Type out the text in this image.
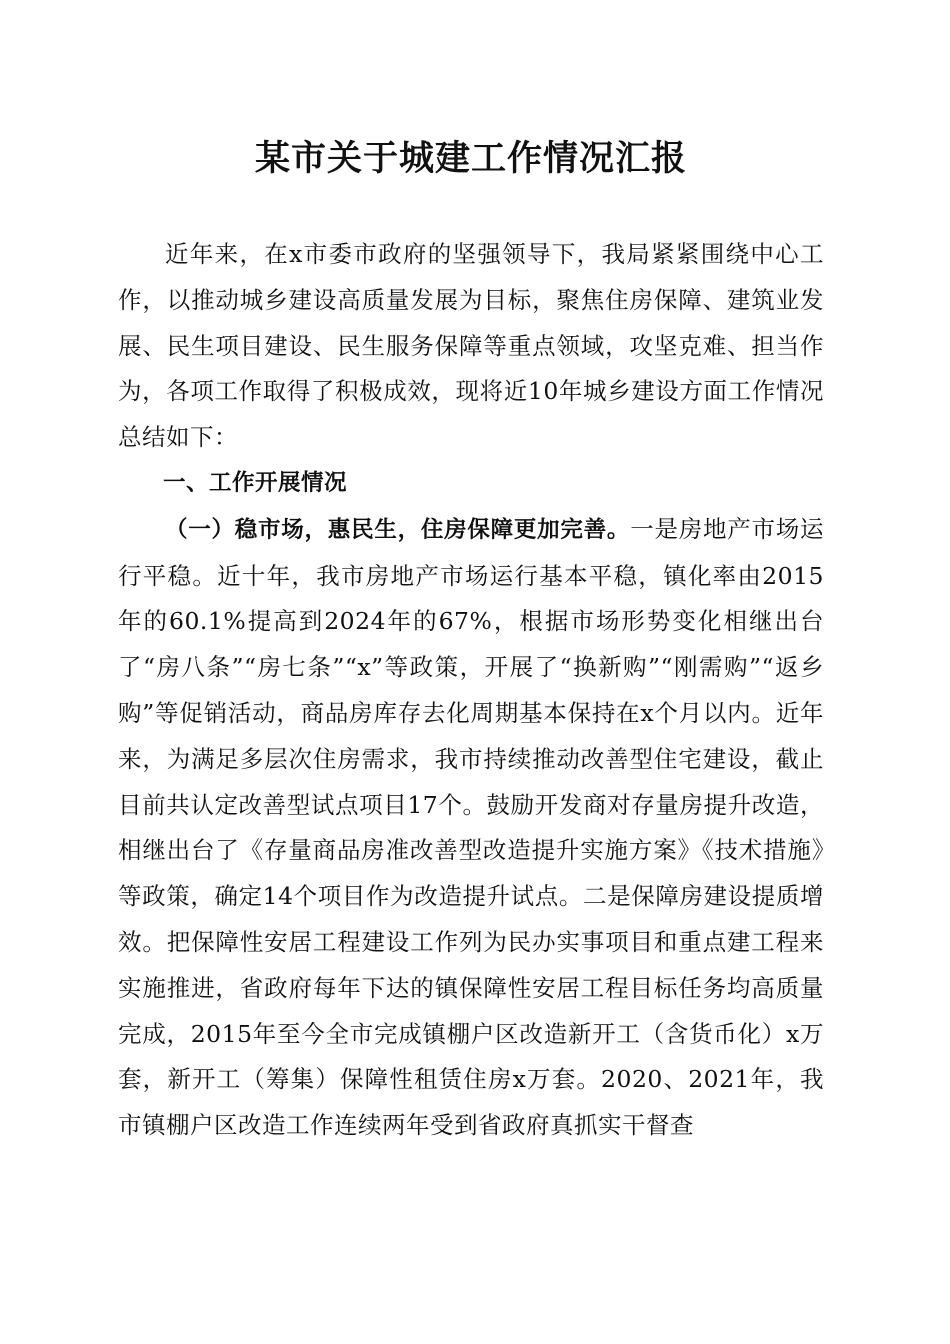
某市关于城建工作情况汇报

近年来，在x市委市政府的坚强领导下，我局紧紧围绕中心工作，以推动城乡建设高质量发展为目标，聚焦住房保障、建筑业发展、民生项目建设、民生服务保障等重点领域，攻坚克难、担当作为，各项工作取得了积极成效，现将近10年城乡建设方面工作情况总结如下：

一、工作开展情况

（一）稳市场，惠民生，住房保障更加完善。一是房地产市场运行平稳。近十年，我市房地产市场运行基本平稳，镇化率由2015年的60.1%提高到2024年的67%，根据市场形势变化相继出台了“房八条”“房七条”“x”等政策，开展了“换新购”“刚需购”“返乡购”等促销活动，商品房库存去化周期基本保持在x个月以内。近年来，为满足多层次住房需求，我市持续推动改善型住宅建设，截止目前共认定改善型试点项目17个。鼓励开发商对存量房提升改造，相继出台了《存量商品房准改善型改造提升实施方案》《技术措施》等政策，确定14个项目作为改造提升试点。二是保障房建设提质增效。把保障性安居工程建设工作列为民办实事项目和重点建工程来实施推进，省政府每年下达的镇保障性安居工程目标任务均高质量完成，2015年至今全市完成镇棚户区改造新开工（含货币化）x万套，新开工（筹集）保障性租赁住房x万套。2020、2021年，我市镇棚户区改造工作连续两年受到省政府真抓实干督查
